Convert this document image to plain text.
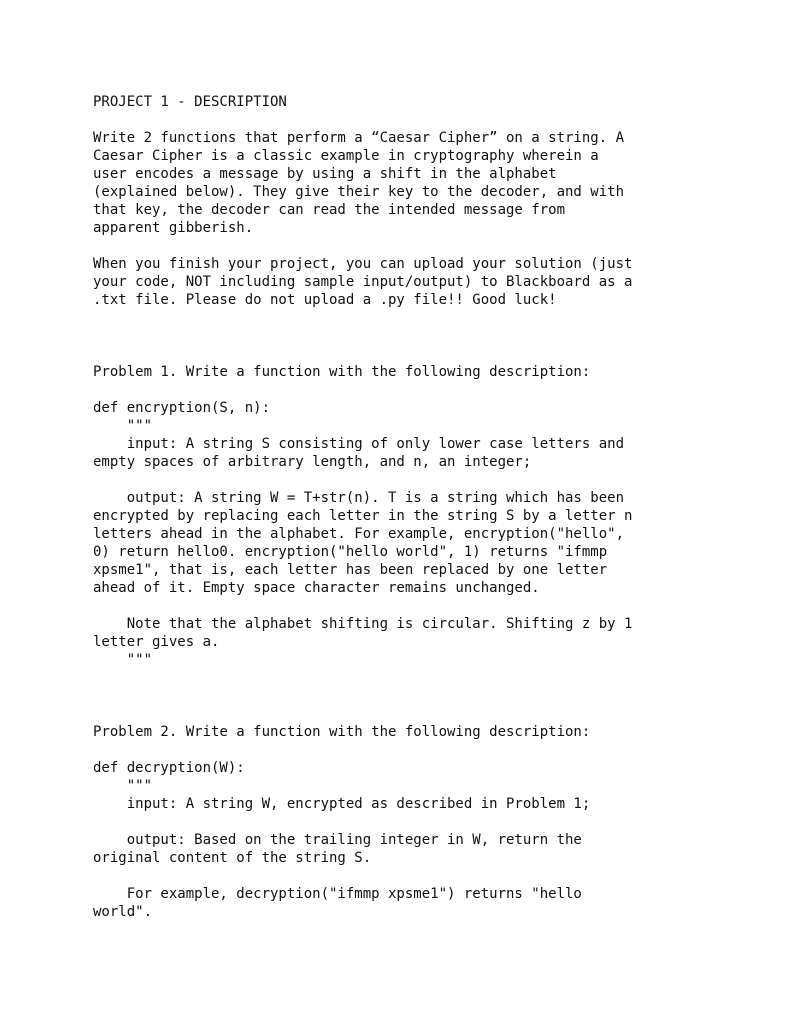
PROJECT 1 - DESCRIPTION
Write 2 functions that perform a “Caesar Cipher” on a string. A
Caesar Cipher is a classic example in cryptography wherein a
user encodes a message by using a shift in the alphabet
(explained below). They give their key to the decoder, and with
that key, the decoder can read the intended message from
apparent gibberish.
When you finish your project, you can upload your solution (just
your code, NOT including sample input/output) to Blackboard as a
.txt file. Please do not upload a .py file!! Good luck!
Problem 1. Write a function with the following description:
def encryption(S, n):
"""
input: A string S consisting of only lower case letters and
empty spaces of arbitrary length, and n, an integer;
output: A string W = T+str(n). T is a string which has been
encrypted by replacing each letter in the string S by a letter n
letters ahead in the alphabet. For example, encryption("hello",
0) return hello0. encryption("hello world", 1) returns "ifmmp
xpsme1", that is, each letter has been replaced by one letter
ahead of it. Empty space character remains unchanged.
Note that the alphabet shifting is circular. Shifting z by 1
letter gives a.
"""
Problem 2. Write a function with the following description:
def decryption(W):
"""
input: A string W, encrypted as described in Problem 1;
output: Based on the trailing integer in W, return the
original content of the string S.
For example, decryption("ifmmp xpsme1") returns "hello
world".
